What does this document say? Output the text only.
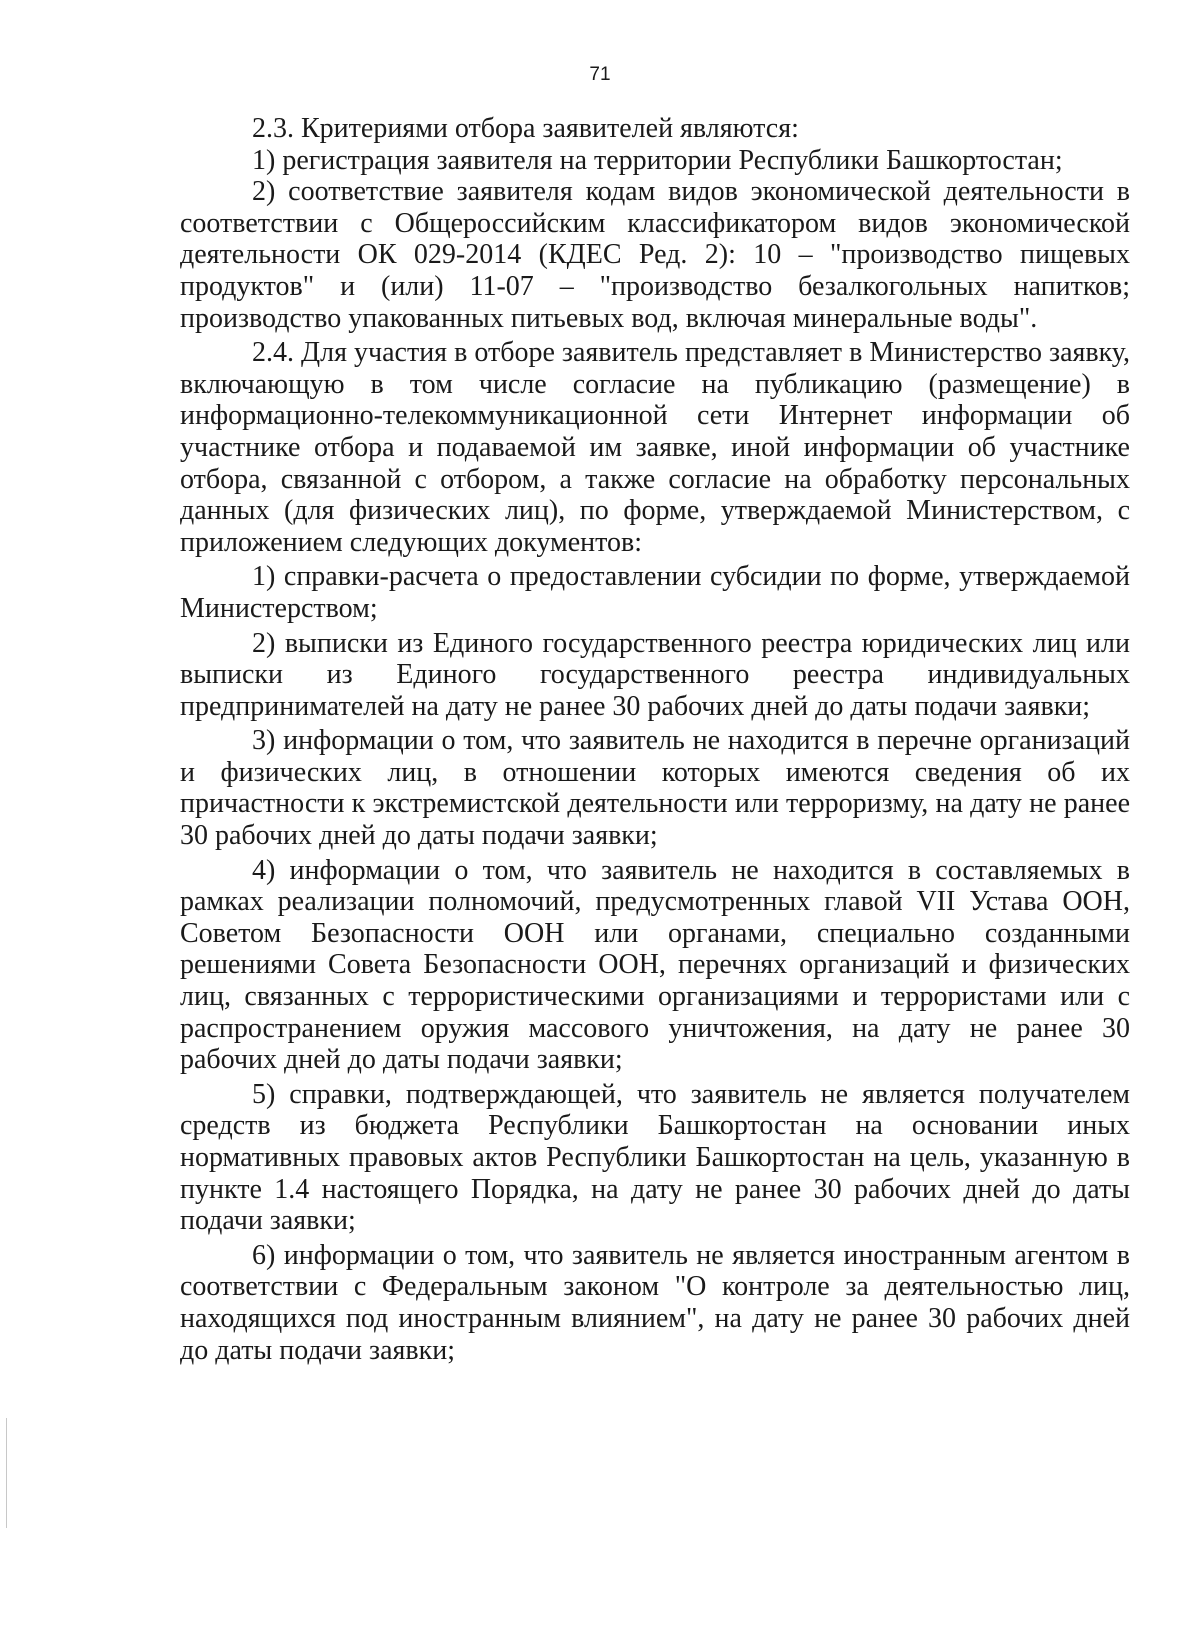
71

2.3. Критериями отбора заявителей являются:

1) регистрация заявителя на территории Республики Башкортостан;

2) соответствие заявителя кодам видов экономической деятельности в соответствии с Общероссийским классификатором видов экономической деятельности ОК 029-2014 (КДЕС Ред. 2): 10 – "производство пищевых продуктов" и (или) 11-07 – "производство безалкогольных напитков; производство упакованных питьевых вод, включая минеральные воды".

2.4. Для участия в отборе заявитель представляет в Министерство заявку, включающую в том числе согласие на публикацию (размещение) в информационно-телекоммуникационной сети Интернет информации об участнике отбора и подаваемой им заявке, иной информации об участнике отбора, связанной с отбором, а также согласие на обработку персональных данных (для физических лиц), по форме, утверждаемой Министерством, с приложением следующих документов:

1) справки-расчета о предоставлении субсидии по форме, утверждаемой Министерством;

2) выписки из Единого государственного реестра юридических лиц или выписки из Единого государственного реестра индивидуальных предпринимателей на дату не ранее 30 рабочих дней до даты подачи заявки;

3) информации о том, что заявитель не находится в перечне организаций и физических лиц, в отношении которых имеются сведения об их причастности к экстремистской деятельности или терроризму, на дату не ранее 30 рабочих дней до даты подачи заявки;

4) информации о том, что заявитель не находится в составляемых в рамках реализации полномочий, предусмотренных главой VII Устава ООН, Советом Безопасности ООН или органами, специально созданными решениями Совета Безопасности ООН, перечнях организаций и физических лиц, связанных с террористическими организациями и террористами или с распространением оружия массового уничтожения, на дату не ранее 30 рабочих дней до даты подачи заявки;

5) справки, подтверждающей, что заявитель не является получателем средств из бюджета Республики Башкортостан на основании иных нормативных правовых актов Республики Башкортостан на цель, указанную в пункте 1.4 настоящего Порядка, на дату не ранее 30 рабочих дней до даты подачи заявки;

6) информации о том, что заявитель не является иностранным агентом в соответствии с Федеральным законом "О контроле за деятельностью лиц, находящихся под иностранным влиянием", на дату не ранее 30 рабочих дней до даты подачи заявки;
